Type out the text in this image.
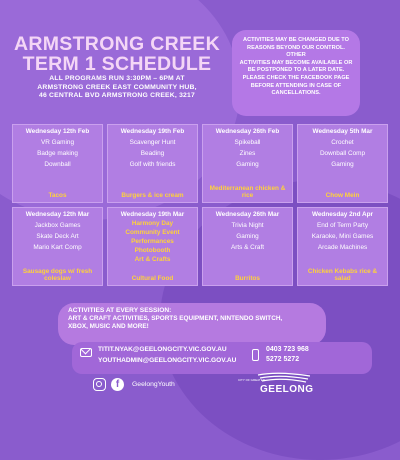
ARMSTRONG CREEK
TERM 1 SCHEDULE
ALL PROGRAMS RUN 3:30PM – 6PM AT
ARMSTRONG CREEK EAST COMMUNITY HUB,
46 CENTRAL BVD ARMSTRONG CREEK, 3217
ACTIVITIES MAY BE CHANGED DUE TO
REASONS BEYOND OUR CONTROL. OTHER
ACTIVITIES MAY BECOME AVAILABLE OR
BE POSTPONED TO A LATER DATE.
PLEASE CHECK THE FACEBOOK PAGE
BEFORE ATTENDING IN CASE OF
CANCELLATIONS.
Wednesday 12th Feb
VR Gaming
Badge making
Downball
Tacos
Wednesday 19th Feb
Scavenger Hunt
Beading
Golf with friends
Burgers & ice cream
Wednesday 26th Feb
Spikeball
Zines
Gaming
Mediterranean chicken & rice
Wednesday 5th Mar
Crochet
Downball Comp
Gaming
Chow Mein
Wednesday 12th Mar
Jackbox Games
Skate Deck Art
Mario Kart Comp
Sausage dogs w/ fresh coleslaw
Wednesday 19th Mar
Harmony Day
Community Event
Performances
Photobooth
Art & Crafts
Cultural Food
Wednesday 26th Mar
Trivia Night
Gaming
Arts & Craft
Burritos
Wednesday 2nd Apr
End of Term Party
Karaoke, Mini Games
Arcade Machines
Chicken Kebabs rice & salad
ACTIVITIES AT EVERY SESSION:
ART & CRAFT ACTIVITIES, SPORTS EQUIPMENT, NINTENDO SWITCH,
XBOX, MUSIC AND MORE!
TITIT.NYAK@GEELONGCITY.VIC.GOV.AU
YOUTHADMIN@GEELONGCITY.VIC.GOV.AU
0403 723 968
5272 5272
f	GeelongYouth
CITY OF GREATER
GEELONG
